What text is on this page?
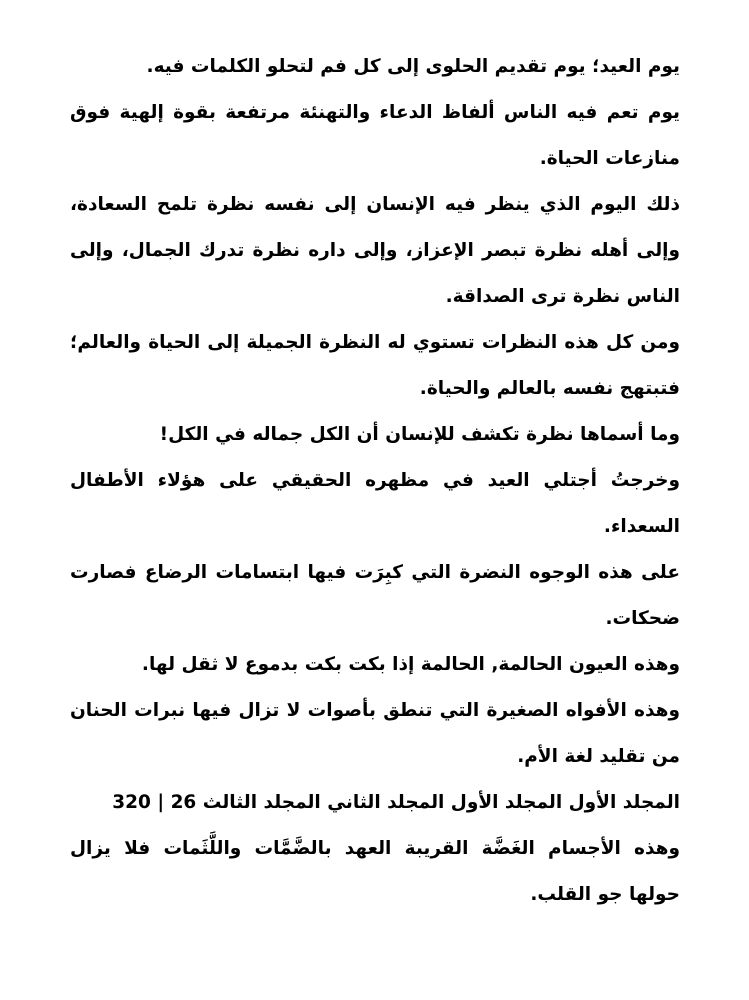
يوم العيد؛ يوم تقديم الحلوى إلى كل فم لتحلو الكلمات فيه.

يوم تعم فيه الناس ألفاظ الدعاء والتهنئة مرتفعة بقوة إلهية فوق منازعات الحياة.

ذلك اليوم الذي ينظر فيه الإنسان إلى نفسه نظرة تلمح السعادة، وإلى أهله نظرة تبصر الإعزاز، وإلى داره نظرة تدرك الجمال، وإلى الناس نظرة ترى الصداقة.

ومن كل هذه النظرات تستوي له النظرة الجميلة إلى الحياة والعالم؛ فتبتهج نفسه بالعالم والحياة.

وما أسماها نظرة تكشف للإنسان أن الكل جماله في الكل!

وخرجتُ أجتلي العيد في مظهره الحقيقي على هؤلاء الأطفال السعداء.

على هذه الوجوه النضرة التي كبِرَت فيها ابتسامات الرضاع فصارت ضحكات.

وهذه العيون الحالمة, الحالمة إذا بكت بكت بدموع لا ثقل لها.

وهذه الأفواه الصغيرة التي تنطق بأصوات لا تزال فيها نبرات الحنان من تقليد لغة الأم.

المجلد الأول المجلد الأول المجلد الثاني المجلد الثالث 26 | 320

وهذه الأجسام الغَضَّة القريبة العهد بالضَّمَّات واللَّثَمات فلا يزال حولها جو القلب.
